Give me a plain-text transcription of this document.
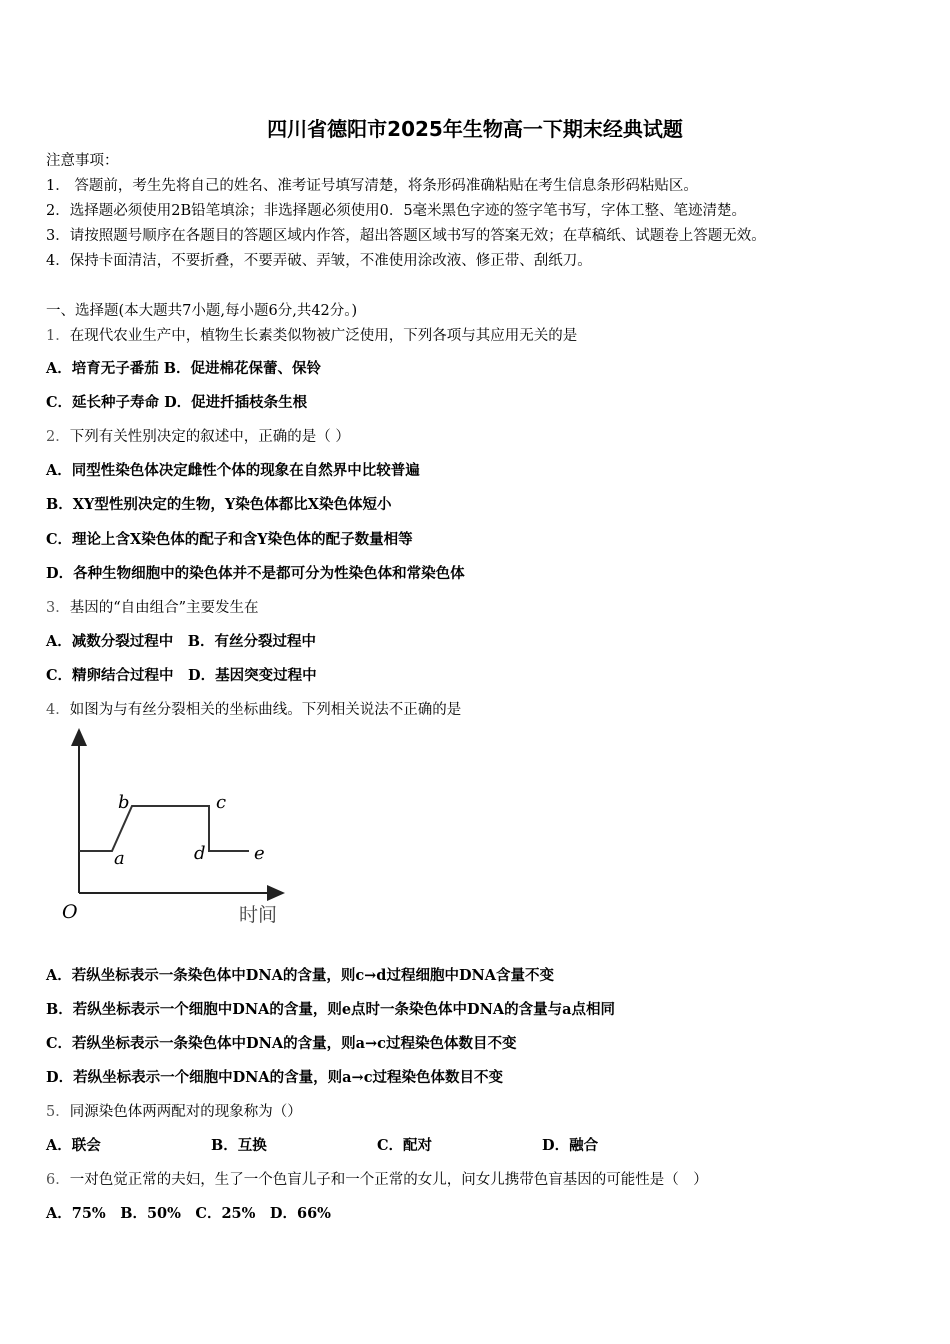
四川省德阳市2025年生物高一下期末经典试题
注意事项：
1． 答题前，考生先将自己的姓名、准考证号填写清楚，将条形码准确粘贴在考生信息条形码粘贴区。
2．选择题必须使用2B铅笔填涂；非选择题必须使用0．5毫米黑色字迹的签字笔书写，字体工整、笔迹清楚。
3．请按照题号顺序在各题目的答题区域内作答，超出答题区域书写的答案无效；在草稿纸、试题卷上答题无效。
4．保持卡面清洁，不要折叠，不要弄破、弄皱，不准使用涂改液、修正带、刮纸刀。
一、选择题(本大题共7小题,每小题6分,共42分。)
1．在现代农业生产中，植物生长素类似物被广泛使用，下列各项与其应用无关的是
A．培育无子番茄 B．促进棉花保蕾、保铃
C．延长种子寿命 D．促进扦插枝条生根
2．下列有关性别决定的叙述中，正确的是（ ）
A．同型性染色体决定雌性个体的现象在自然界中比较普遍
B．XY型性别决定的生物，Y染色体都比X染色体短小
C．理论上含X染色体的配子和含Y染色体的配子数量相等
D．各种生物细胞中的染色体并不是都可分为性染色体和常染色体
3．基因的“自由组合”主要发生在
A．减数分裂过程中　B．有丝分裂过程中
C．精卵结合过程中　D．基因突变过程中
4．如图为与有丝分裂相关的坐标曲线。下列相关说法不正确的是
O	时间
a
b	c
d	e
A．若纵坐标表示一条染色体中DNA的含量，则c→d过程细胞中DNA含量不变
B．若纵坐标表示一个细胞中DNA的含量，则e点时一条染色体中DNA的含量与a点相同
C．若纵坐标表示一条染色体中DNA的含量，则a→c过程染色体数目不变
D．若纵坐标表示一个细胞中DNA的含量，则a→c过程染色体数目不变
5．同源染色体两两配对的现象称为（）
A．联会	B．互换	C．配对	D．融合
6．一对色觉正常的夫妇，生了一个色盲儿子和一个正常的女儿，问女儿携带色盲基因的可能性是（　）
A．75%　B．50%　C．25%　D．66%
